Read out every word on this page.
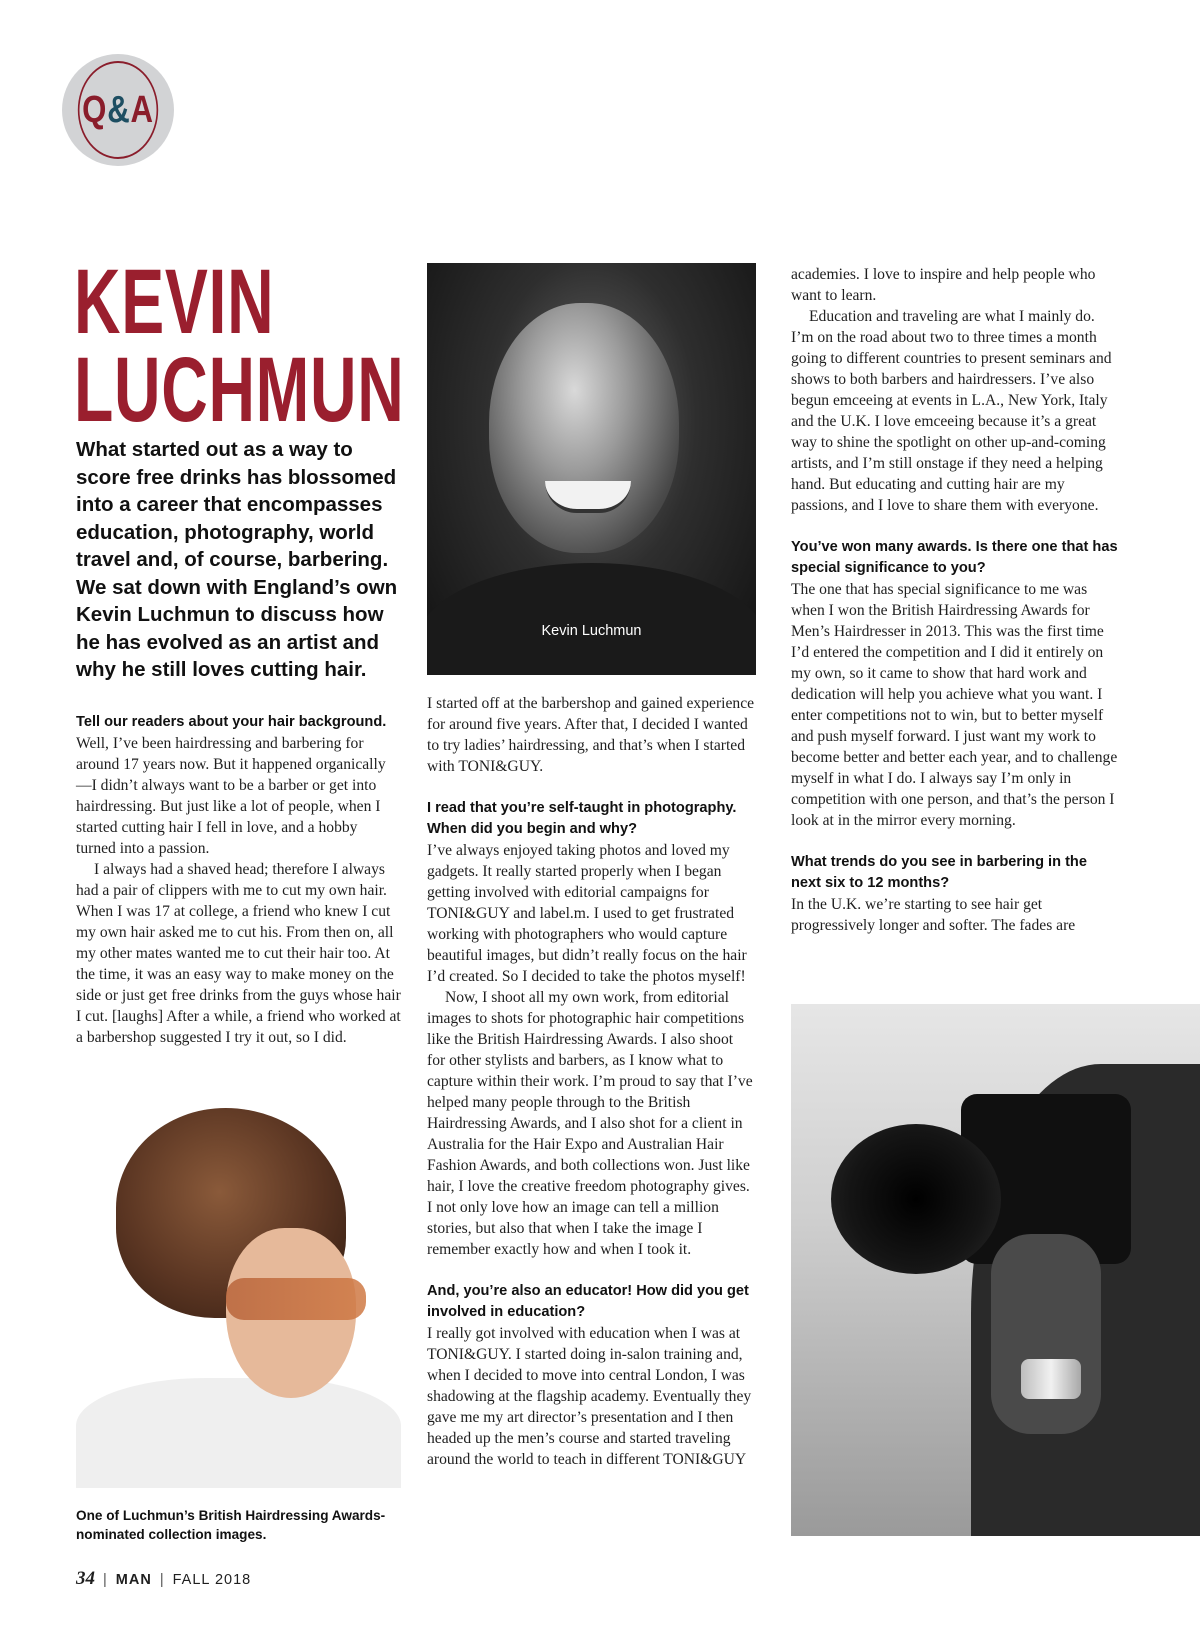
Q & A
KEVIN
LUCHMUN

What started out as a way to score free drinks has blossomed into a career that encompasses education, photography, world travel and, of course, barbering. We sat down with England’s own Kevin Luchmun to discuss how he has evolved as an artist and why he still loves cutting hair.

Tell our readers about your hair background.

Well, I’ve been hairdressing and barbering for around 17 years now. But it happened organically—I didn’t always want to be a barber or get into hairdressing. But just like a lot of people, when I started cutting hair I fell in love, and a hobby turned into a passion.

I always had a shaved head; therefore I always had a pair of clippers with me to cut my own hair. When I was 17 at college, a friend who knew I cut my own hair asked me to cut his. From then on, all my other mates wanted me to cut their hair too. At the time, it was an easy way to make money on the side or just get free drinks from the guys whose hair I cut. [laughs] After a while, a friend who worked at a barbershop suggested I try it out, so I did.

Kevin Luchmun

I started off at the barbershop and gained experience for around five years. After that, I decided I wanted to try ladies’ hairdressing, and that’s when I started with TONI&GUY.

I read that you’re self-taught in photography. When did you begin and why?

I’ve always enjoyed taking photos and loved my gadgets. It really started properly when I began getting involved with editorial campaigns for TONI&GUY and label.m. I used to get frustrated working with photographers who would capture beautiful images, but didn’t really focus on the hair I’d created. So I decided to take the photos myself!

Now, I shoot all my own work, from editorial images to shots for photographic hair competitions like the British Hairdressing Awards. I also shoot for other stylists and barbers, as I know what to capture within their work. I’m proud to say that I’ve helped many people through to the British Hairdressing Awards, and I also shot for a client in Australia for the Hair Expo and Australian Hair Fashion Awards, and both collections won. Just like hair, I love the creative freedom photography gives. I not only love how an image can tell a million stories, but also that when I take the image I remember exactly how and when I took it.

And, you’re also an educator! How did you get involved in education?

I really got involved with education when I was at TONI&GUY. I started doing in-salon training and, when I decided to move into central London, I was shadowing at the flagship academy. Eventually they gave me my art director’s presentation and I then headed up the men’s course and started traveling around the world to teach in different TONI&GUY

academies. I love to inspire and help people who want to learn.

Education and traveling are what I mainly do. I’m on the road about two to three times a month going to different countries to present seminars and shows to both barbers and hairdressers. I’ve also begun emceeing at events in L.A., New York, Italy and the U.K. I love emceeing because it’s a great way to shine the spotlight on other up-and-coming artists, and I’m still onstage if they need a helping hand. But educating and cutting hair are my passions, and I love to share them with everyone.

You’ve won many awards. Is there one that has special significance to you?

The one that has special significance to me was when I won the British Hairdressing Awards for Men’s Hairdresser in 2013. This was the first time I’d entered the competition and I did it entirely on my own, so it came to show that hard work and dedication will help you achieve what you want. I enter competitions not to win, but to better myself and push myself forward. I just want my work to become better and better each year, and to challenge myself in what I do. I always say I’m only in competition with one person, and that’s the person I look at in the mirror every morning.

What trends do you see in barbering in the next six to 12 months?

In the U.K. we’re starting to see hair get progressively longer and softer. The fades are

One of Luchmun’s British Hairdressing Awards-nominated collection images.

34 | MAN | FALL 2018
